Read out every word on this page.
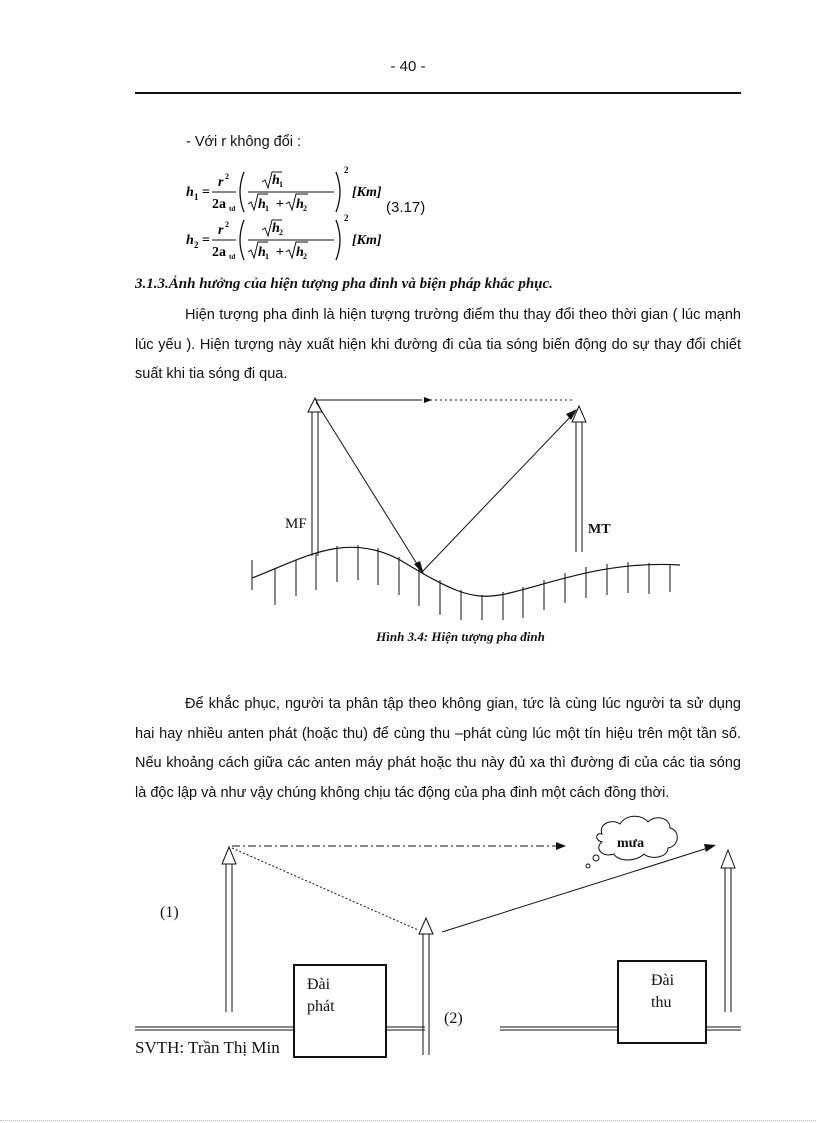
- 40 -
- Với r không đổi :
h 1 =
r 2
2a td
h 1
h 1 + h 2
2
[Km]
(3.17)
h 2 =
r 2
2a td
h 2
h 1 + h 2
2
[Km]
3.1.3.Ảnh hưởng của hiện tượng pha đinh và biện pháp khắc phục.

Hiện tượng pha đinh là hiện tượng trường điểm thu thay đổi theo thời gian ( lúc mạnh lúc yếu ). Hiện tượng này xuất hiện khi đường đi của tia sóng biến động do sự thay đổi chiết suất khi tia sóng đi qua.

MF	MT
Hình 3.4: Hiện tượng pha đinh

Để khắc phục, người ta phân tập theo không gian, tức là cùng lúc người ta sử dụng hai hay nhiều anten phát (hoặc thu) để cùng thu –phát cùng lúc một tín hiệu trên một tần số. Nếu khoảng cách giữa các anten máy phát hoặc thu này đủ xa thì đường đi của các tia sóng là độc lập và như vậy chúng không chịu tác động của pha đinh một cách đồng thời.

mưa
(1)
(2)
SVTH: Trần Thị Min
Đài
phát
Đài
thu
